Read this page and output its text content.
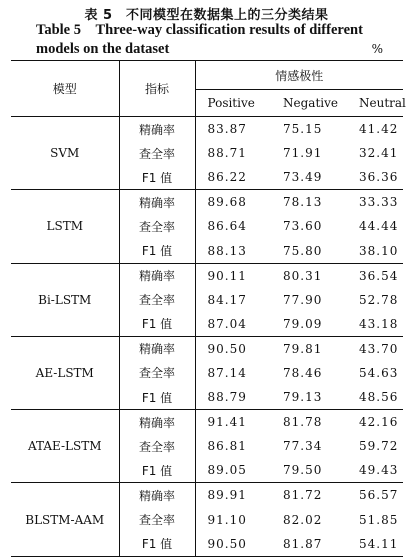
表 5　不同模型在数据集上的三分类结果
Table 5　Three-way classification results of different models on the dataset	%
模型	指标	情感极性		
		Positive	Negative	Neutral
SVM	精确率	83.87	75.15	41.42
	查全率	88.71	71.91	32.41
	F1 值	86.22	73.49	36.36
LSTM	精确率	89.68	78.13	33.33
	查全率	86.64	73.60	44.44
	F1 值	88.13	75.80	38.10
Bi-LSTM	精确率	90.11	80.31	36.54
	查全率	84.17	77.90	52.78
	F1 值	87.04	79.09	43.18
AE-LSTM	精确率	90.50	79.81	43.70
	查全率	87.14	78.46	54.63
	F1 值	88.79	79.13	48.56
ATAE-LSTM	精确率	91.41	81.78	42.16
	查全率	86.81	77.34	59.72
	F1 值	89.05	79.50	49.43
BLSTM-AAM	精确率	89.91	81.72	56.57
	查全率	91.10	82.02	51.85
	F1 值	90.50	81.87	54.11
